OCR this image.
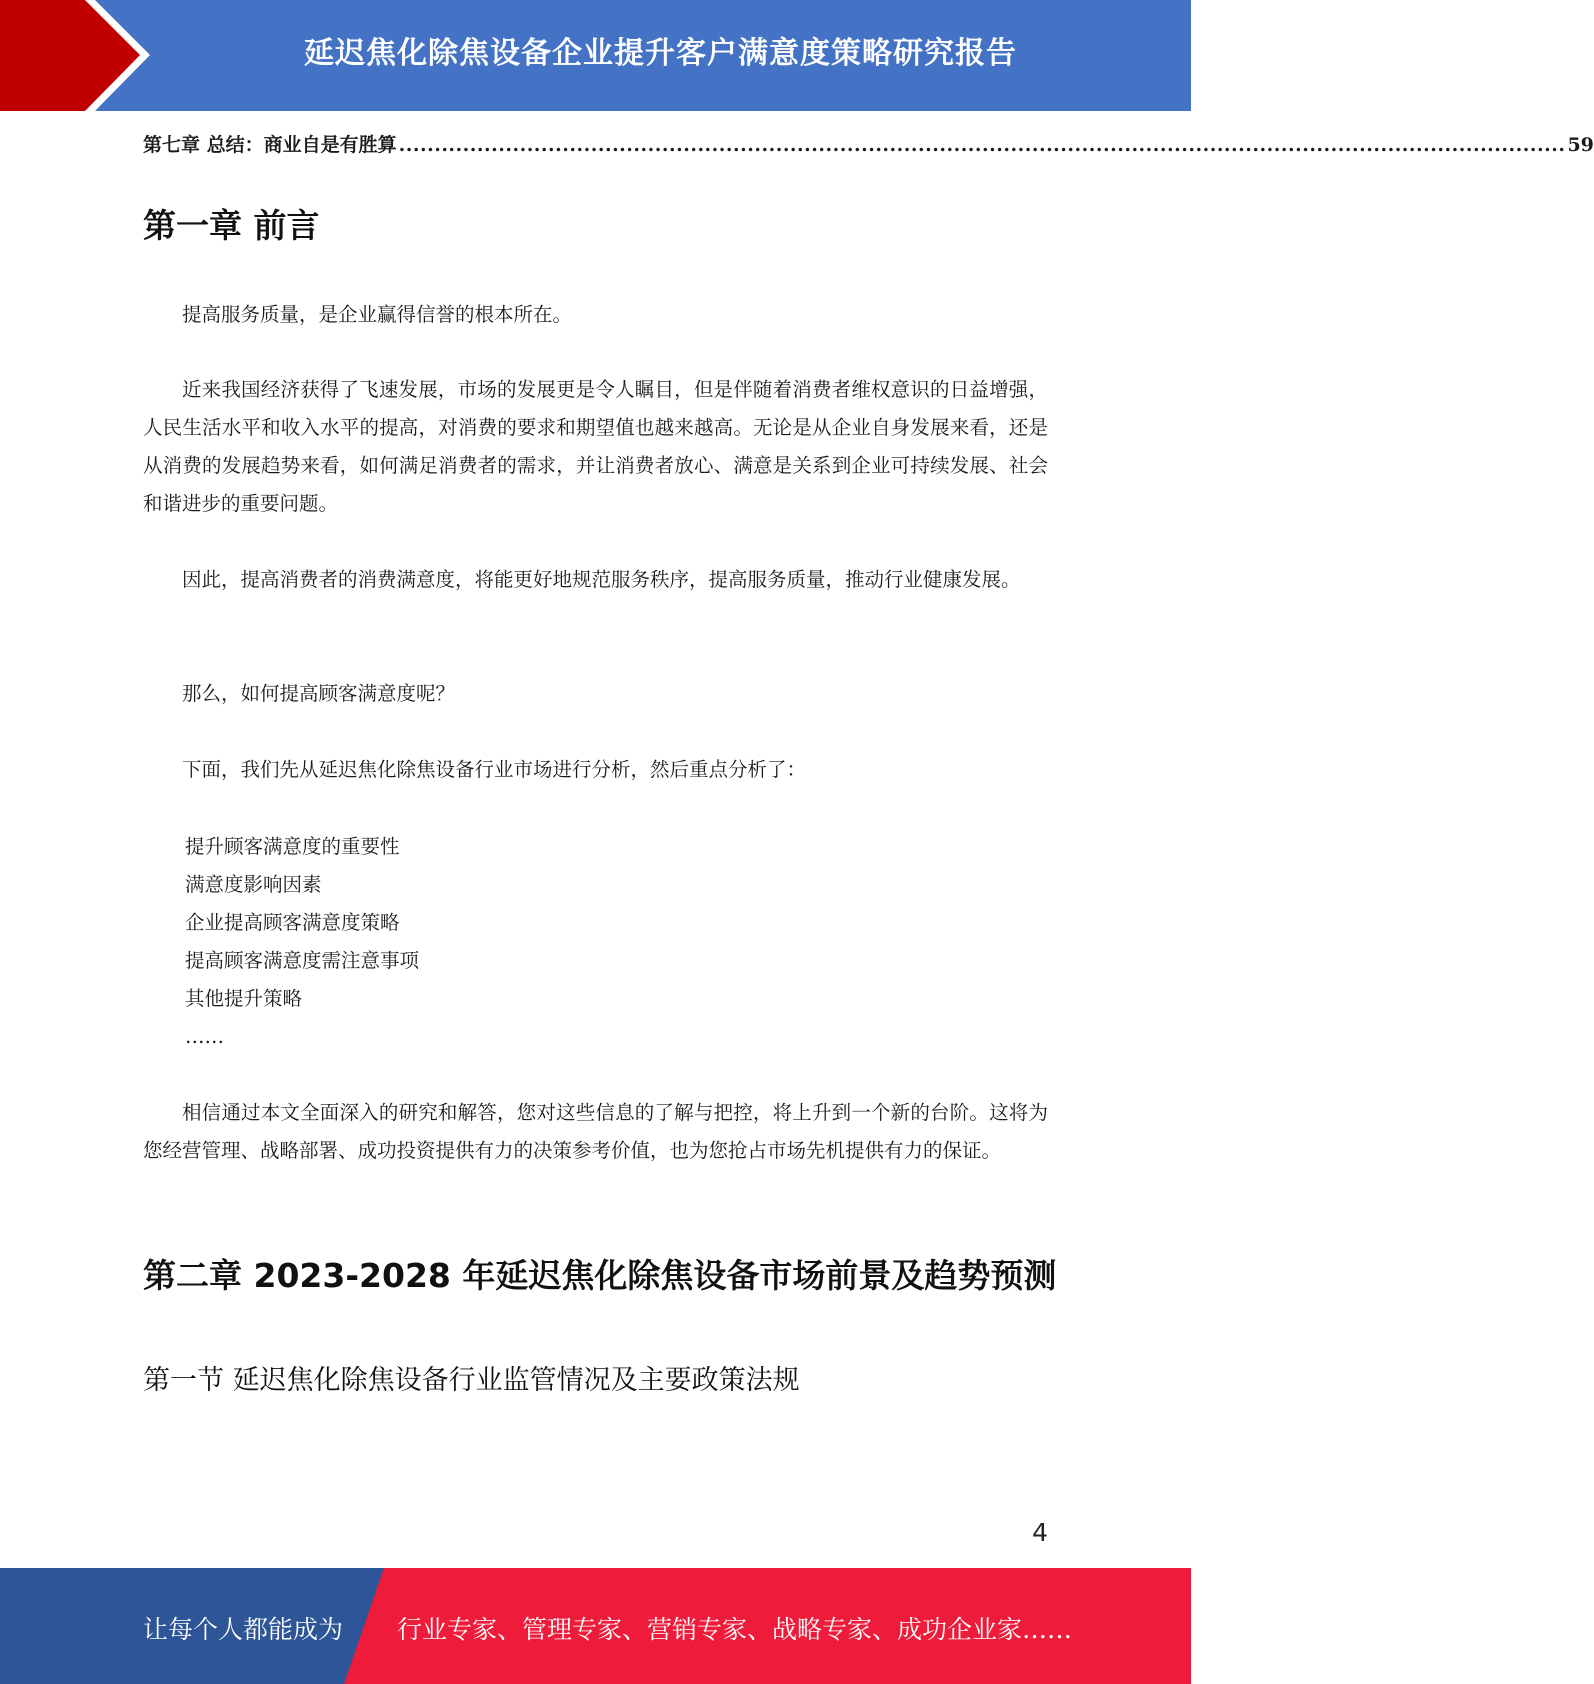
延迟焦化除焦设备企业提升客户满意度策略研究报告
第七章 总结：商业自是有胜算 .................................................................................................................................................................... 59
第一章 前言

提高服务质量，是企业赢得信誉的根本所在。

近来我国经济获得了飞速发展，市场的发展更是令人瞩目，但是伴随着消费者维权意识的日益增强，人民生活水平和收入水平的提高，对消费的要求和期望值也越来越高。无论是从企业自身发展来看，还是从消费的发展趋势来看，如何满足消费者的需求，并让消费者放心、满意是关系到企业可持续发展、社会和谐进步的重要问题。

因此，提高消费者的消费满意度，将能更好地规范服务秩序，提高服务质量，推动行业健康发展。

那么，如何提高顾客满意度呢？

下面，我们先从延迟焦化除焦设备行业市场进行分析，然后重点分析了：

提升顾客满意度的重要性
满意度影响因素
企业提高顾客满意度策略
提高顾客满意度需注意事项
其他提升策略
……

相信通过本文全面深入的研究和解答，您对这些信息的了解与把控，将上升到一个新的台阶。这将为您经营管理、战略部署、成功投资提供有力的决策参考价值，也为您抢占市场先机提供有力的保证。

第二章 2023-2028 年延迟焦化除焦设备市场前景及趋势预测
第一节 延迟焦化除焦设备行业监管情况及主要政策法规
4
让每个人都能成为 行业专家、管理专家、营销专家、战略专家、成功企业家……
